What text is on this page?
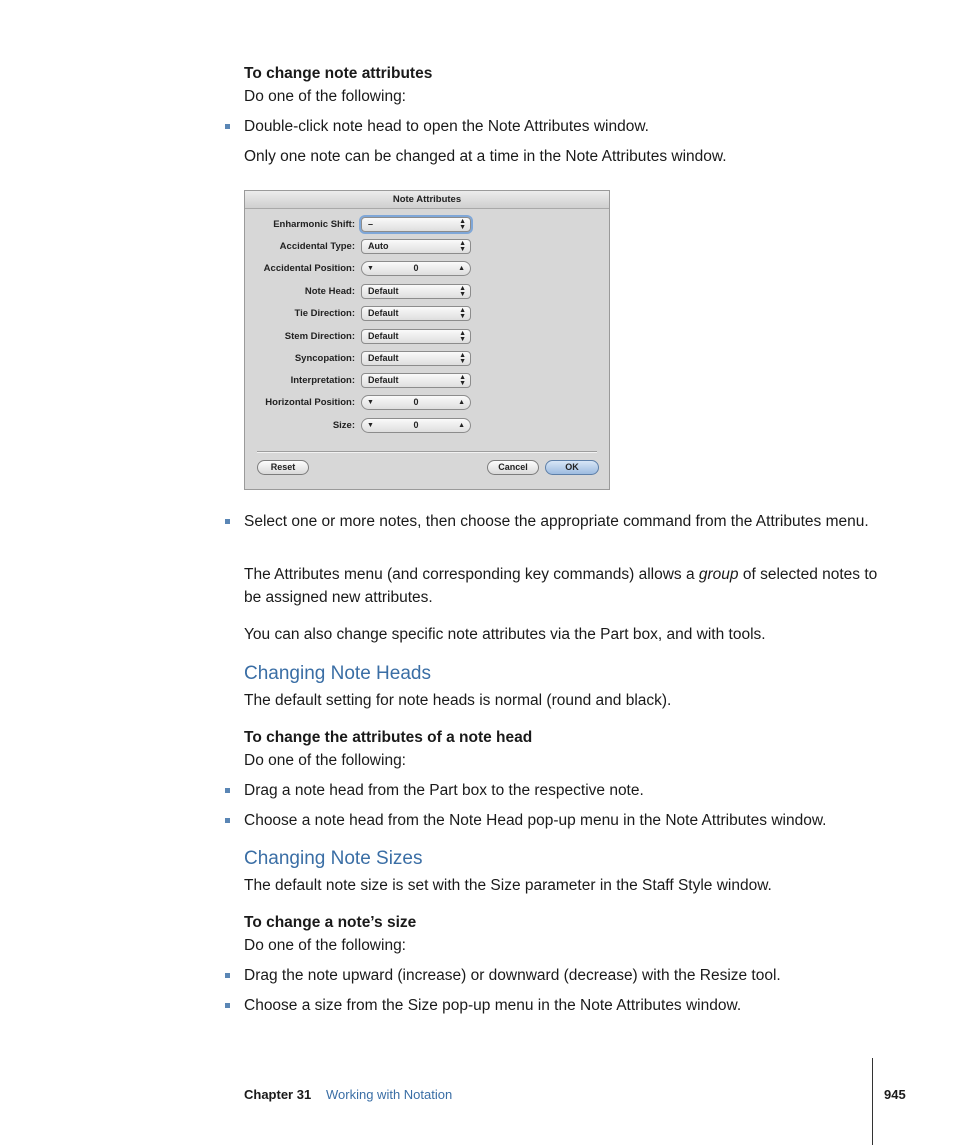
To change note attributes
Do one of the following:
Double-click note head to open the Note Attributes window.
Only one note can be changed at a time in the Note Attributes window.
Note Attributes
Enharmonic Shift:	–	▲
▼
Accidental Type:	Auto	▲
▼
Accidental Position: ▼	0	▲
Note Head:	Default	▲
▼
Tie Direction:	Default	▲
▼
Stem Direction:	Default	▲
▼
Syncopation:	Default	▲
▼
Interpretation:	Default	▲
▼
Horizontal Position: ▼	0	▲
Size: ▼	0	▲
Reset	Cancel	OK
Select one or more notes, then choose the appropriate command from the Attributes menu.
The Attributes menu (and corresponding key commands) allows a group of selected notes to be assigned new attributes.
You can also change specific note attributes via the Part box, and with tools.
Changing Note Heads
The default setting for note heads is normal (round and black).
To change the attributes of a note head
Do one of the following:
Drag a note head from the Part box to the respective note.
Choose a note head from the Note Head pop-up menu in the Note Attributes window.
Changing Note Sizes
The default note size is set with the Size parameter in the Staff Style window.
To change a note’s size
Do one of the following:
Drag the note upward (increase) or downward (decrease) with the Resize tool.
Choose a size from the Size pop-up menu in the Note Attributes window.
Chapter 31 Working with Notation	945
